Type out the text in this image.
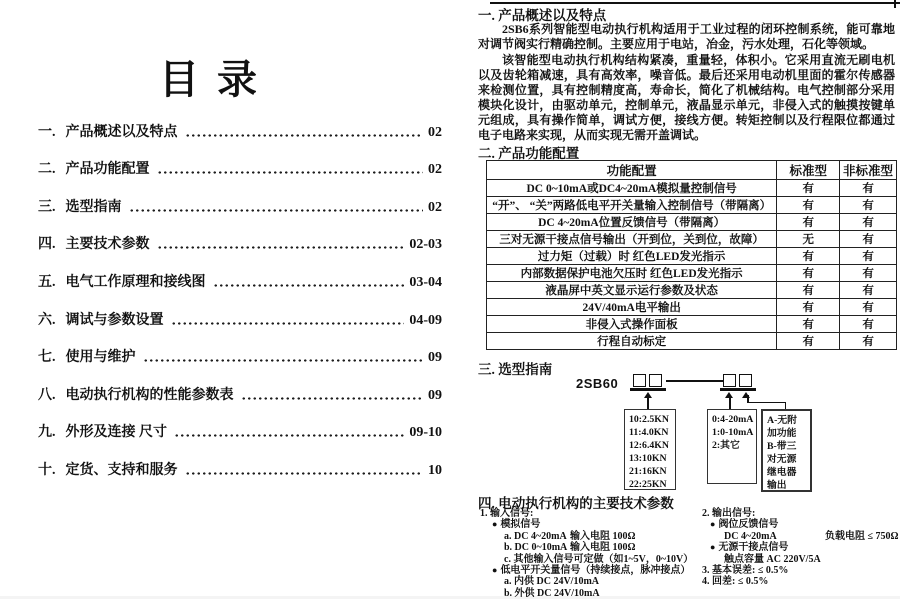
目录
一. 产品概述以及特点	02
二. 产品功能配置	02
三. 选型指南	02
四. 主要技术参数	02-03
五. 电气工作原理和接线图	03-04
六. 调试与参数设置	04-09
七. 使用与维护	09
八. 电动执行机构的性能参数表	09
九. 外形及连接 尺寸	09-10
十. 定货、支持和服务	10
一. 产品概述以及特点

2SB6系列智能型电动执行机构适用于工业过程的闭环控制系统，能可靠地对调节阀实行精确控制。主要应用于电站，冶金，污水处理，石化等领域。

该智能型电动执行机构结构紧凑，重量轻，体积小。它采用直流无刷电机以及齿轮箱减速，具有高效率，噪音低。最后还采用电动机里面的霍尔传感器来检测位置，具有控制精度高，寿命长，简化了机械结构。电气控制部分采用模块化设计，由驱动单元，控制单元，液晶显示单元，非侵入式的触摸按键单元组成，具有操作简单，调试方便，接线方便。转矩控制以及行程限位都通过电子电路来实现，从而实现无需开盖调试。

二. 产品功能配置
功能配置	标准型	非标准型
DC 0~10mA或DC4~20mA模拟量控制信号	有	有
“开”、 “关”两路低电平开关量输入控制信号（带隔离）	有	有
DC 4~20mA位置反馈信号（带隔离）	有	有
三对无源干接点信号输出（开到位，关到位，故障）	无	有
过力矩（过载）时 红色LED发光指示	有	有
内部数据保护电池欠压时 红色LED发光指示	有	有
液晶屏中英文显示运行参数及状态	有	有
24V/40mA电平输出	有	有
非侵入式操作面板	有	有
行程自动标定	有	有
三. 选型指南
2SB60
10:2.5KN
11:4.0KN
12:6.4KN
13:10KN
21:16KN
22:25KN
0:4-20mA
1:0-10mA
2:其它
A-无附
加功能
B-带三
对无源
继电器
输出
四. 电动执行机构的主要技术参数
1. 输入信号:
● 模拟信号
a. DC 4~20mA 输入电阻 100Ω
b. DC 0~10mA 输入电阻 100Ω
c. 其他输入信号可定做（如1~5V，0~10V）
● 低电平开关量信号（持续接点，脉冲接点）
a. 内供 DC 24V/10mA
b. 外供 DC 24V/10mA
2. 输出信号:
● 阀位反馈信号
DC 4~20mA	负载电阻 ≤ 750Ω
● 无源干接点信号
触点容量 AC 220V/5A
3. 基本误差: ≤ 0.5%
4. 回差: ≤ 0.5%
